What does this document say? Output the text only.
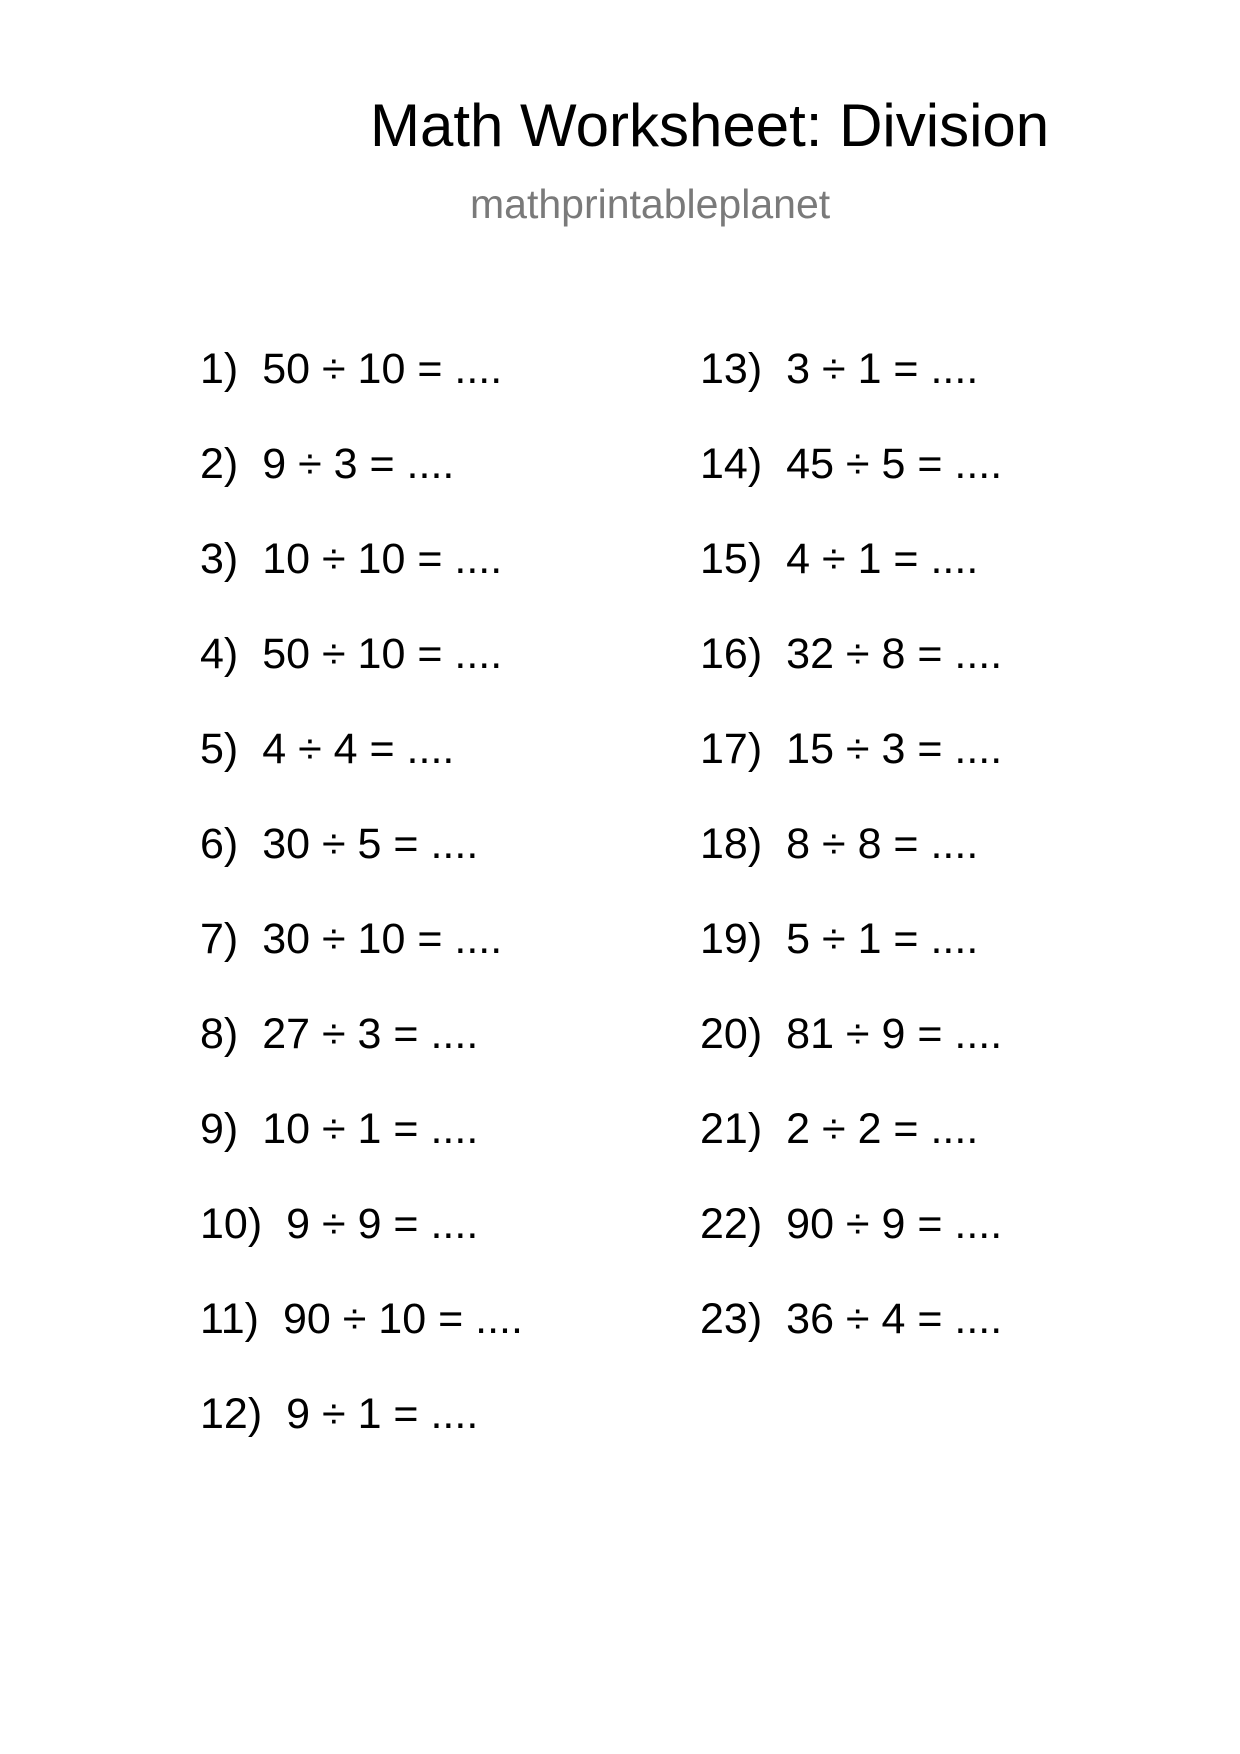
Math Worksheet: Division
mathprintableplanet
1) 50 ÷ 10 = ....
2) 9 ÷ 3 = ....
3) 10 ÷ 10 = ....
4) 50 ÷ 10 = ....
5) 4 ÷ 4 = ....
6) 30 ÷ 5 = ....
7) 30 ÷ 10 = ....
8) 27 ÷ 3 = ....
9) 10 ÷ 1 = ....
10) 9 ÷ 9 = ....
11) 90 ÷ 10 = ....
12) 9 ÷ 1 = ....
13) 3 ÷ 1 = ....
14) 45 ÷ 5 = ....
15) 4 ÷ 1 = ....
16) 32 ÷ 8 = ....
17) 15 ÷ 3 = ....
18) 8 ÷ 8 = ....
19) 5 ÷ 1 = ....
20) 81 ÷ 9 = ....
21) 2 ÷ 2 = ....
22) 90 ÷ 9 = ....
23) 36 ÷ 4 = ....
